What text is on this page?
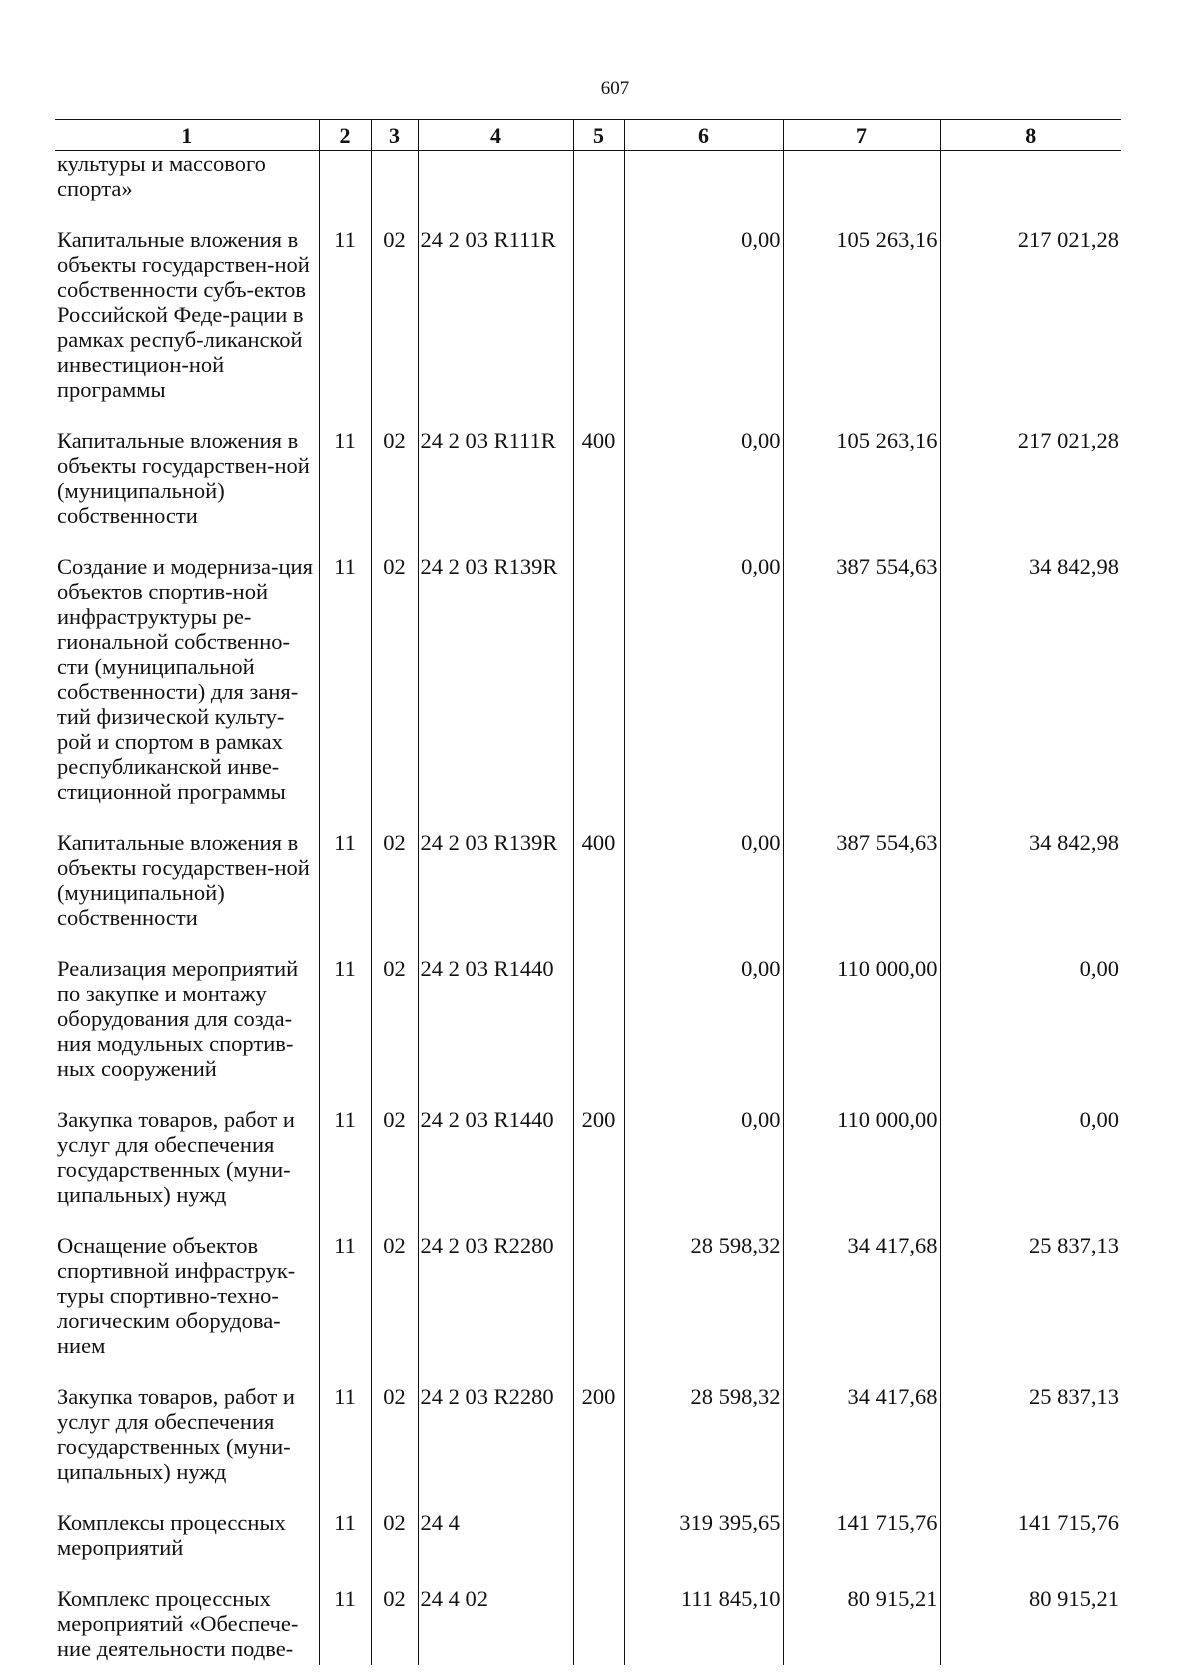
607
1	2	3	4	5	6	7	8
культуры и массового спорта»							
Капитальные вложения в объекты государствен-ной собственности субъ-ектов Российской Феде-рации в рамках респуб-ликанской инвестицион-ной программы	11	02	24 2 03 R111R		0,00	105 263,16	217 021,28
Капитальные вложения в объекты государствен-ной (муниципальной) собственности	11	02	24 2 03 R111R	400	0,00	105 263,16	217 021,28
Создание и модерниза-ция объектов спортив-ной инфраструктуры ре-гиональной собственно-сти (муниципальной собственности) для заня-тий физической культу-рой и спортом в рамках республиканской инве-стиционной программы	11	02	24 2 03 R139R		0,00	387 554,63	34 842,98
Капитальные вложения в объекты государствен-ной (муниципальной) собственности	11	02	24 2 03 R139R	400	0,00	387 554,63	34 842,98
Реализация мероприятий по закупке и монтажу оборудования для созда-ния модульных спортив-ных сооружений	11	02	24 2 03 R1440		0,00	110 000,00	0,00
Закупка товаров, работ и услуг для обеспечения государственных (муни-ципальных) нужд	11	02	24 2 03 R1440	200	0,00	110 000,00	0,00
Оснащение объектов спортивной инфраструк-туры спортивно-техно-логическим оборудова-нием	11	02	24 2 03 R2280		28 598,32	34 417,68	25 837,13
Закупка товаров, работ и услуг для обеспечения государственных (муни-ципальных) нужд	11	02	24 2 03 R2280	200	28 598,32	34 417,68	25 837,13
Комплексы процессных мероприятий	11	02	24 4		319 395,65	141 715,76	141 715,76
Комплекс процессных мероприятий «Обеспече-ние деятельности подве-	11	02	24 4 02		111 845,10	80 915,21	80 915,21
